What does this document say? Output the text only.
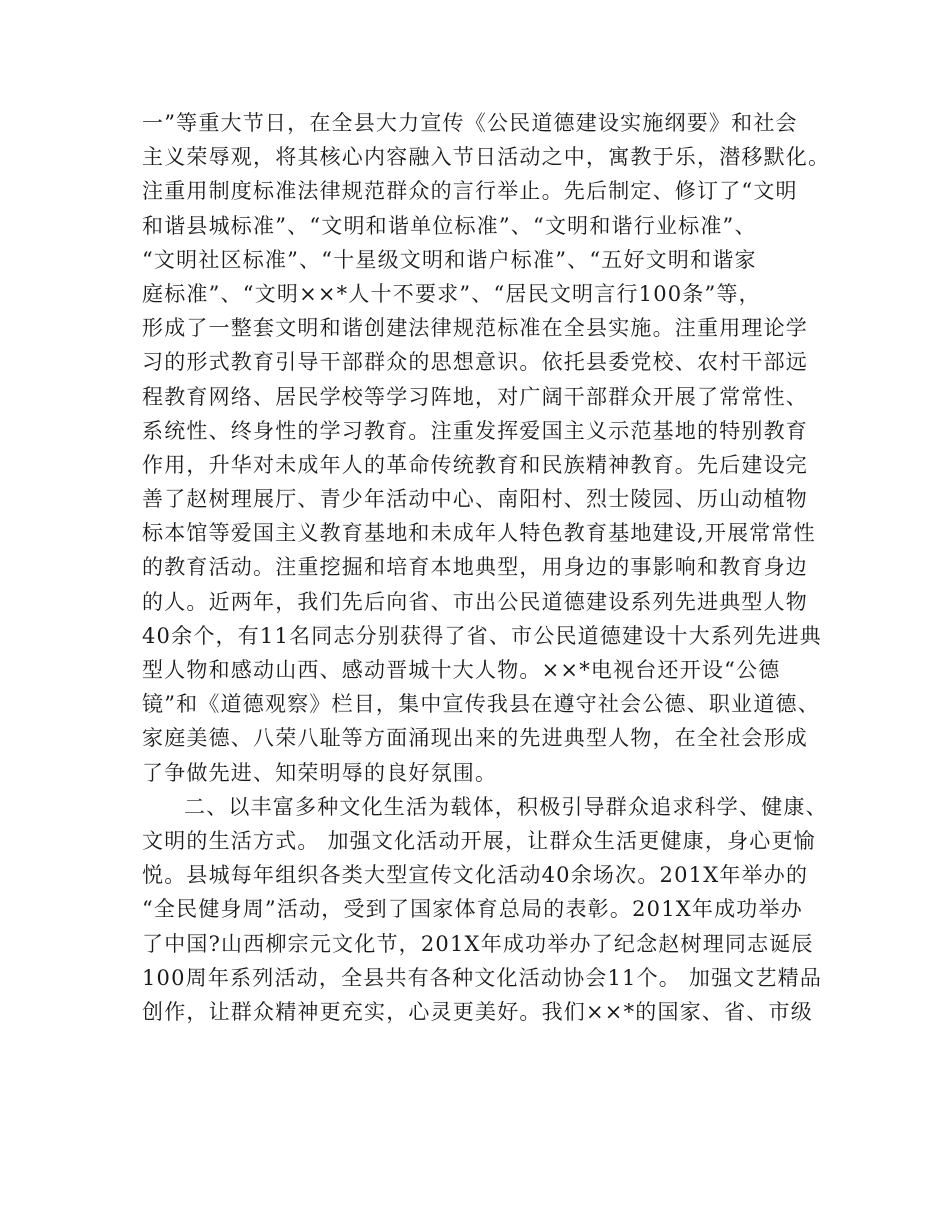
一”等重大节日，在全县大力宣传《公民道德建设实施纲要》和社会
主义荣辱观，将其核心内容融入节日活动之中，寓教于乐，潜移默化。
注重用制度标准法律规范群众的言行举止。先后制定、修订了“文明
和谐县城标准”、“文明和谐单位标准”、“文明和谐行业标准”、
“文明社区标准”、“十星级文明和谐户标准”、“五好文明和谐家
庭标准”、“文明××*人十不要求”、“居民文明言行100条”等，
形成了一整套文明和谐创建法律规范标准在全县实施。注重用理论学
习的形式教育引导干部群众的思想意识。依托县委党校、农村干部远
程教育网络、居民学校等学习阵地，对广阔干部群众开展了常常性、
系统性、终身性的学习教育。注重发挥爱国主义示范基地的特别教育
作用，升华对未成年人的革命传统教育和民族精神教育。先后建设完
善了赵树理展厅、青少年活动中心、南阳村、烈士陵园、历山动植物
标本馆等爱国主义教育基地和未成年人特色教育基地建设,开展常常性
的教育活动。注重挖掘和培育本地典型，用身边的事影响和教育身边
的人。近两年，我们先后向省、市出公民道德建设系列先进典型人物
40余个，有11名同志分别获得了省、市公民道德建设十大系列先进典
型人物和感动山西、感动晋城十大人物。××*电视台还开设“公德
镜”和《道德观察》栏目，集中宣传我县在遵守社会公德、职业道德、
家庭美德、八荣八耻等方面涌现出来的先进典型人物，在全社会形成
了争做先进、知荣明辱的良好氛围。
二、以丰富多种文化生活为载体，积极引导群众追求科学、健康、
文明的生活方式。 加强文化活动开展，让群众生活更健康，身心更愉
悦。县城每年组织各类大型宣传文化活动40余场次。201X年举办的
“全民健身周”活动，受到了国家体育总局的表彰。201X年成功举办
了中国?山西柳宗元文化节，201X年成功举办了纪念赵树理同志诞辰
100周年系列活动，全县共有各种文化活动协会11个。 加强文艺精品
创作，让群众精神更充实，心灵更美好。我们××*的国家、省、市级
